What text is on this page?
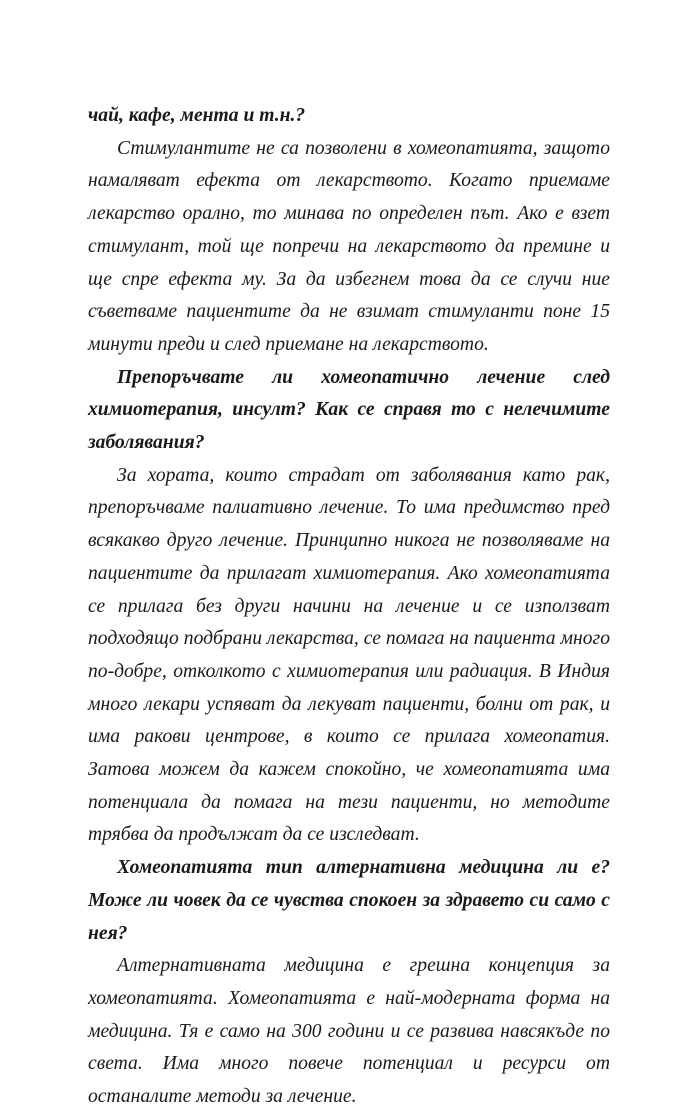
чай, кафе, мента и т.н.?

Стимулантите не са позволени в хомеопатията, защото намаляват ефекта от лекарството. Когато приемаме лекарство орално, то минава по определен път. Ако е взет стимулант, той ще попречи на лекарството да премине и ще спре ефекта му. За да избегнем това да се случи ние съветваме пациентите да не взимат стимуланти поне 15 минути преди и след приемане на лекарството.

Препоръчвате ли хомеопатично лечение след химиотерапия, инсулт? Как се справя то с нелечимите заболявания?

За хората, които страдат от заболявания като рак, препоръчваме палиативно лечение. То има предимство пред всякакво друго лечение. Принципно никога не позволяваме на пациентите да прилагат химиотерапия. Ако хомеопатията се прилага без други начини на лечение и се използват подходящо подбрани лекарства, се помага на пациента много по-добре, отколкото с химиотерапия или радиация. В Индия много лекари успяват да лекуват пациенти, болни от рак, и има ракови центрове, в които се прилага хомеопатия. Затова можем да кажем спокойно, че хомеопатията има потенциала да помага на тези пациенти, но методите трябва да продължат да се изследват.

Хомеопатията тип алтернативна медицина ли е? Може ли човек да се чувства спокоен за здравето си само с нея?

Алтернативната медицина е грешна концепция за хомеопатията. Хомеопатията е най-модерната форма на медицина. Тя е само на 300 години и се развива навсякъде по света. Има много повече потенциал и ресурси от останалите методи за лечение.
